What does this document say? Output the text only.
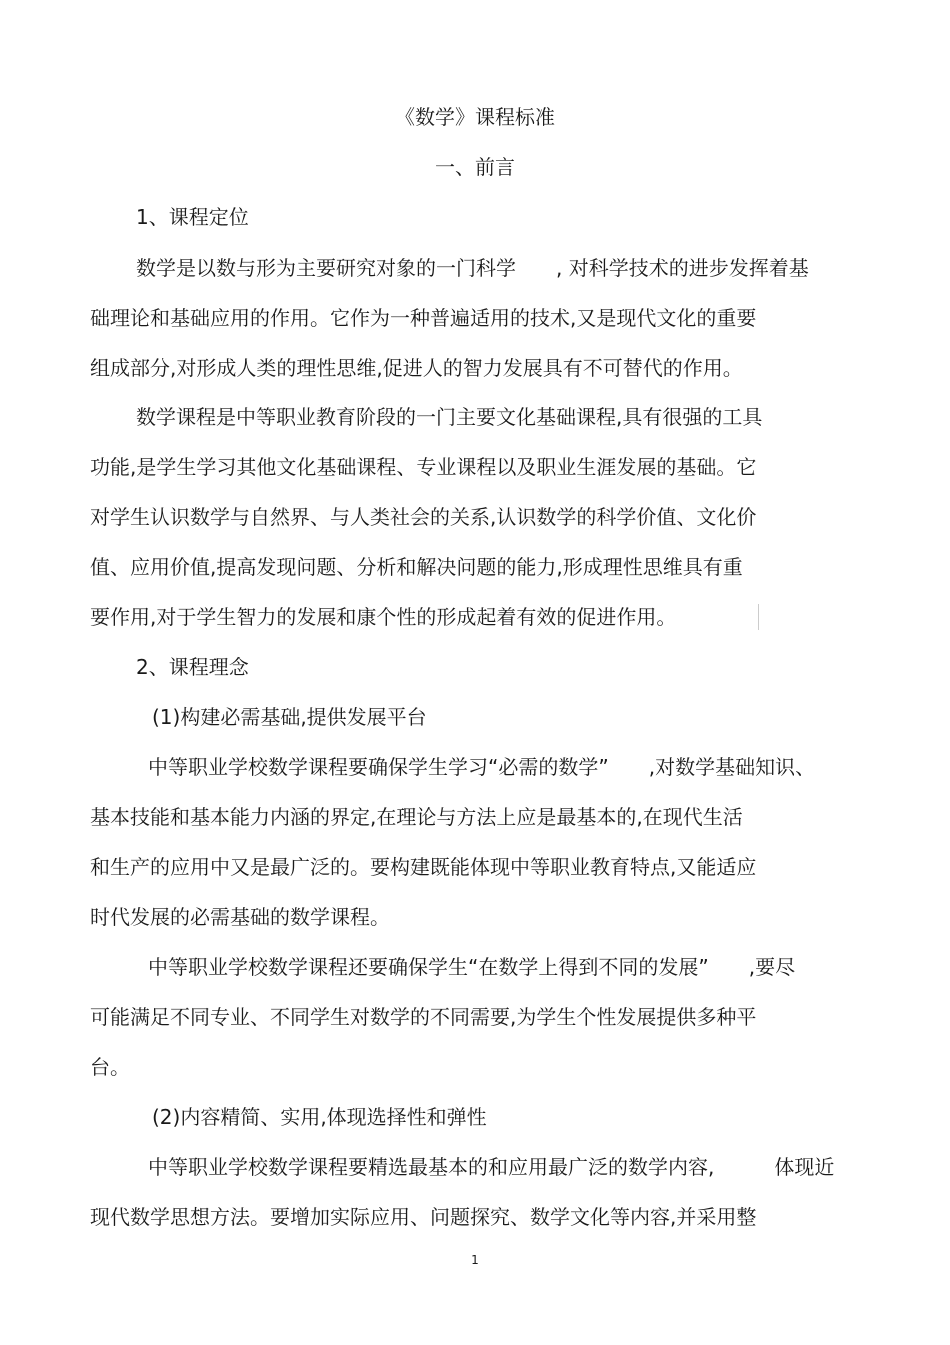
《数学》课程标准
一、前言
1、课程定位
数学是以数与形为主要研究对象的一门科学　　, 对科学技术的进步发挥着基
础理论和基础应用的作用。它作为一种普遍适用的技术,又是现代文化的重要
组成部分,对形成人类的理性思维,促进人的智力发展具有不可替代的作用。
数学课程是中等职业教育阶段的一门主要文化基础课程,具有很强的工具
功能,是学生学习其他文化基础课程、专业课程以及职业生涯发展的基础。它
对学生认识数学与自然界、与人类社会的关系,认识数学的科学价值、文化价
值、应用价值,提高发现问题、分析和解决问题的能力,形成理性思维具有重
要作用,对于学生智力的发展和康个性的形成起着有效的促进作用。
2、课程理念
(1)构建必需基础,提供发展平台
中等职业学校数学课程要确保学生学习“必需的数学”　　,对数学基础知识、
基本技能和基本能力内涵的界定,在理论与方法上应是最基本的,在现代生活
和生产的应用中又是最广泛的。要构建既能体现中等职业教育特点,又能适应
时代发展的必需基础的数学课程。
中等职业学校数学课程还要确保学生“在数学上得到不同的发展”　　,要尽
可能满足不同专业、不同学生对数学的不同需要,为学生个性发展提供多种平
台。
(2)内容精简、实用,体现选择性和弹性
中等职业学校数学课程要精选最基本的和应用最广泛的数学内容,　　　体现近
现代数学思想方法。要增加实际应用、问题探究、数学文化等内容,并采用整
1
